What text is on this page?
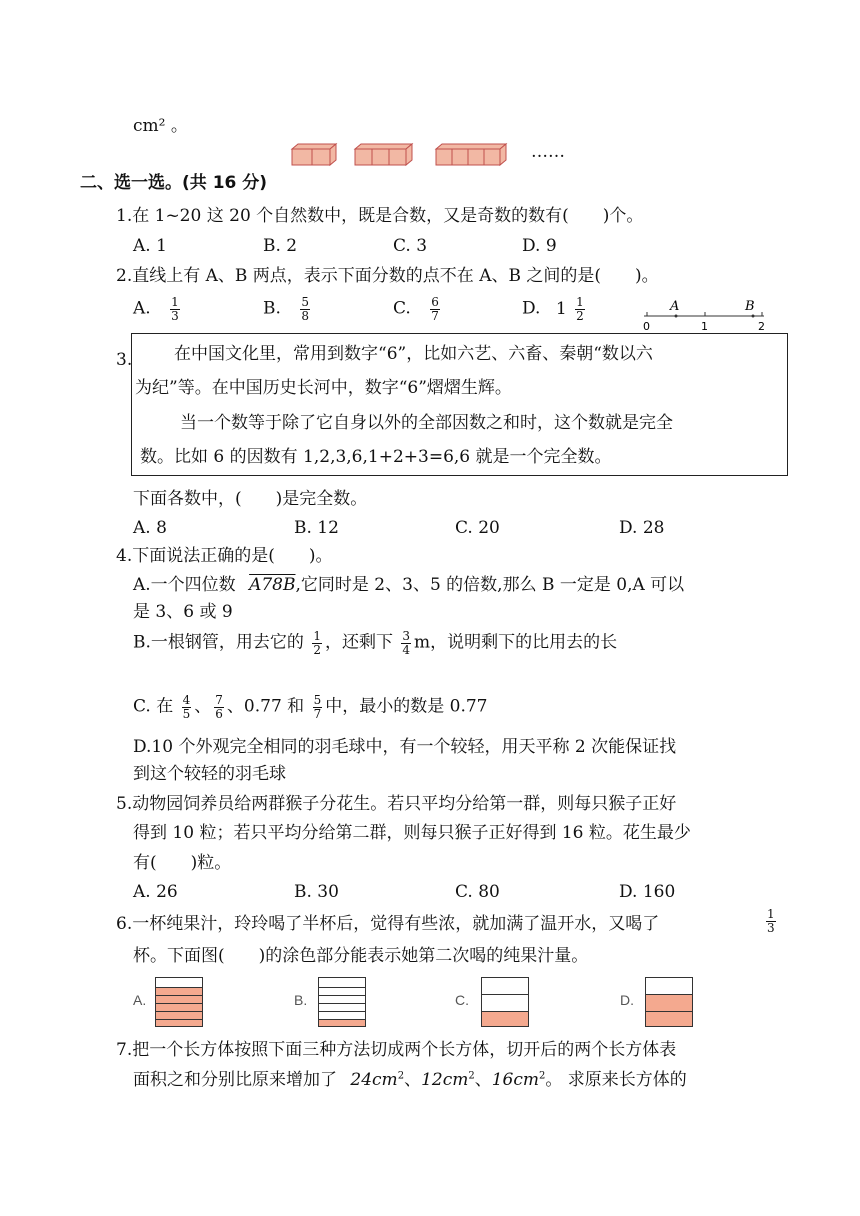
cm² 。
……
二、选一选。(共 16 分)
1.在 1~20 这 20 个自然数中，既是合数，又是奇数的数有(　　)个。
A. 1	B. 2	C. 3	D. 9
2.直线上有 A、B 两点，表示下面分数的点不在 A、B 之间的是(　　)。
A. $\frac{1}{3}$	B. $\frac{5}{8}$	C. $\frac{6}{7}$	D. $1 \frac{1}{2}$	A	B
0	1	2
3. 在中国文化里，常用到数字“6”，比如六艺、六畜、秦朝“数以六
为纪”等。在中国历史长河中，数字“6”熠熠生辉。
当一个数等于除了它自身以外的全部因数之和时，这个数就是完全
数。比如 6 的因数有 1,2,3,6,1+2+3=6,6 就是一个完全数。
下面各数中，(　　)是完全数。
A. 8	B. 12	C. 20	D. 28
4.下面说法正确的是(　　)。
A.一个四位数 A78B,它同时是 2、3、5 的倍数,那么 B 一定是 0,A 可以
是 3、6 或 9
B.一根钢管，用去它的 $\frac{1}{2}$ ，还剩下 $\frac{3}{4}$ m，说明剩下的比用去的长
C. 在 $\frac{4}{5}$ 、 $\frac{7}{6}$ 、0.77 和 $\frac{5}{7}$ 中，最小的数是 0.77
D.10 个外观完全相同的羽毛球中，有一个较轻，用天平称 2 次能保证找
到这个较轻的羽毛球
5.动物园饲养员给两群猴子分花生。若只平均分给第一群，则每只猴子正好
得到 10 粒；若只平均分给第二群，则每只猴子正好得到 16 粒。花生最少
有(　　)粒。
A. 26	B. 30	C. 80	D. 160
6.一杯纯果汁，玲玲喝了半杯后，觉得有些浓，就加满了温开水，又喝了	$\frac{1}{3}$
杯。下面图(　　)的涂色部分能表示她第二次喝的纯果汁量。
A.	B.	C.	D.
7.把一个长方体按照下面三种方法切成两个长方体，切开后的两个长方体表
面积之和分别比原来增加了 $24cm^2$、$12cm^2$、$16cm^2$。 求原来长方体的
